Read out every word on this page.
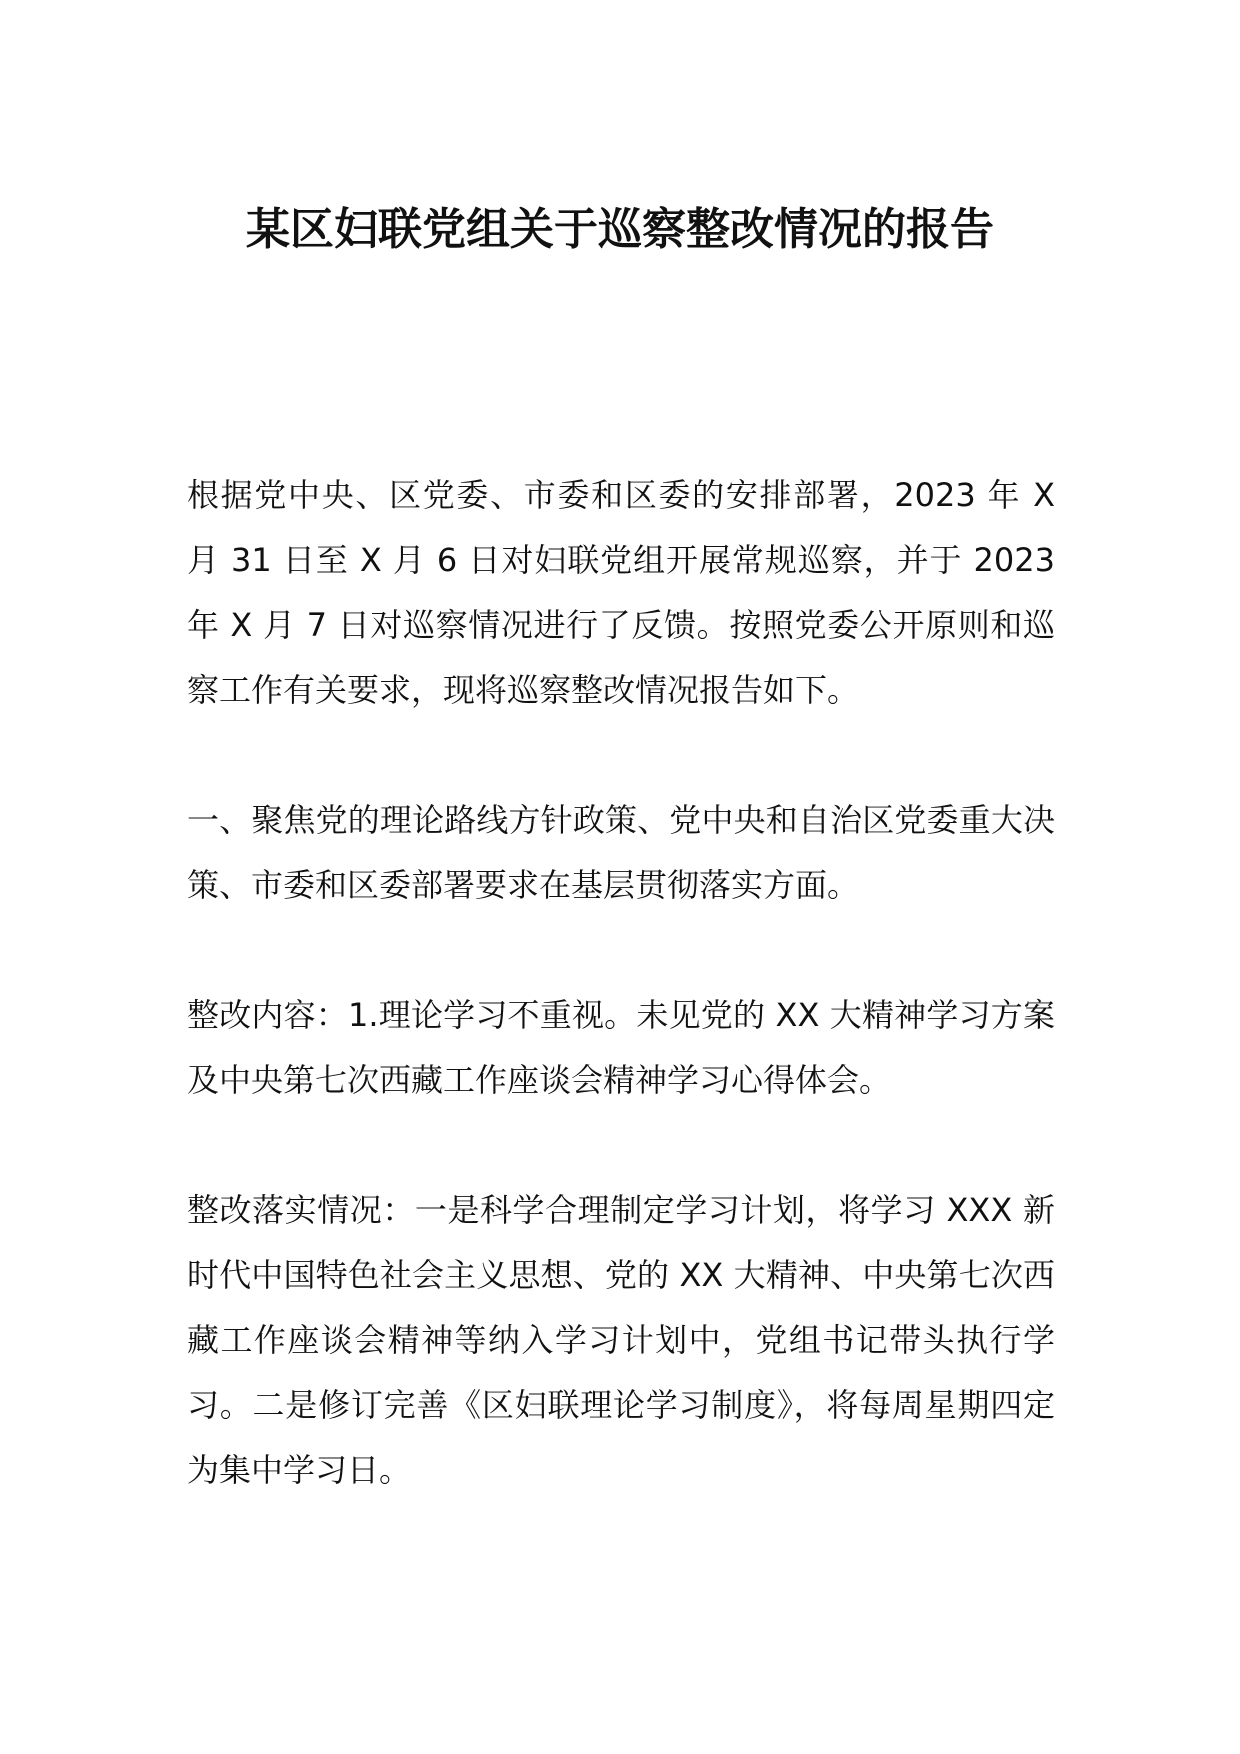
某区妇联党组关于巡察整改情况的报告

根据党中央、区党委、市委和区委的安排部署，2023 年 X 月 31 日至 X 月 6 日对妇联党组开展常规巡察，并于 2023 年 X 月 7 日对巡察情况进行了反馈。按照党委公开原则和巡察工作有关要求，现将巡察整改情况报告如下。

一、聚焦党的理论路线方针政策、党中央和自治区党委重大决策、市委和区委部署要求在基层贯彻落实方面。

整改内容：1.理论学习不重视。未见党的 XX 大精神学习方案及中央第七次西藏工作座谈会精神学习心得体会。

整改落实情况：一是科学合理制定学习计划，将学习 XXX 新时代中国特色社会主义思想、党的 XX 大精神、中央第七次西藏工作座谈会精神等纳入学习计划中，党组书记带头执行学习。二是修订完善《区妇联理论学习制度》，将每周星期四定为集中学习日。
